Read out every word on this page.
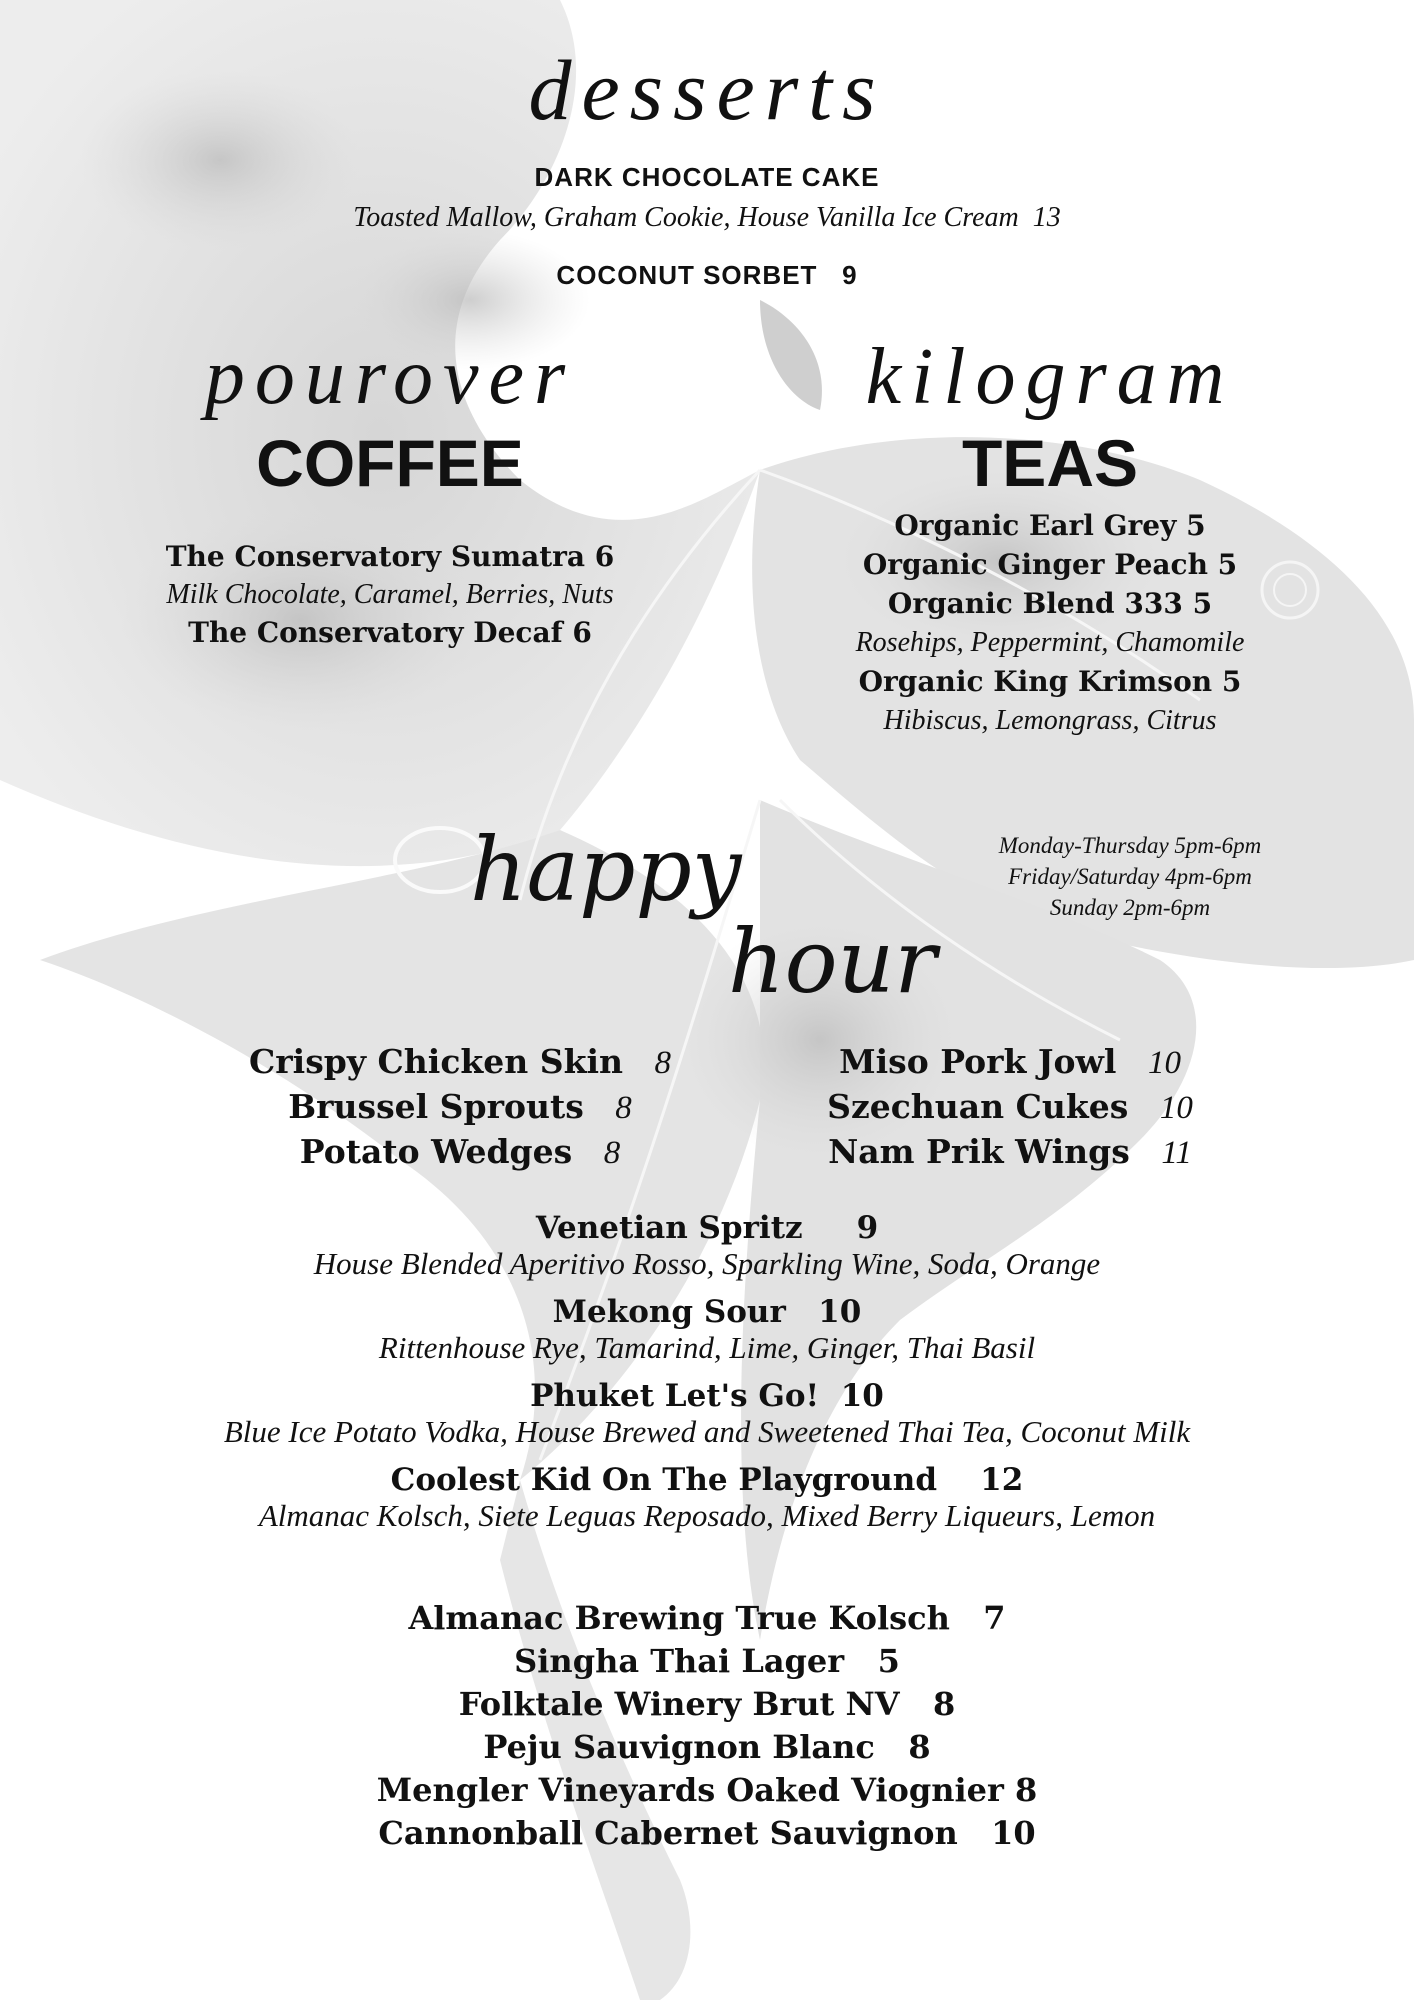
desserts
DARK CHOCOLATE CAKE
Toasted Mallow, Graham Cookie, House Vanilla Ice Cream  13
COCONUT SORBET   9
pourover
COFFEE
The Conservatory Sumatra 6
Milk Chocolate, Caramel, Berries, Nuts
The Conservatory Decaf 6
kilogram
TEAS
Organic Earl Grey 5
Organic Ginger Peach 5
Organic Blend 333 5
Rosehips, Peppermint, Chamomile
Organic King Krimson 5
Hibiscus, Lemongrass, Citrus
happy
hour
Monday-Thursday 5pm-6pm
Friday/Saturday 4pm-6pm
Sunday 2pm-6pm
Crispy Chicken Skin 8
Brussel Sprouts 8
Potato Wedges 8
Miso Pork Jowl 10
Szechuan Cukes 10
Nam Prik Wings 11
Venetian Spritz     9
House Blended Aperitivo Rosso, Sparkling Wine, Soda, Orange
Mekong Sour   10
Rittenhouse Rye, Tamarind, Lime, Ginger, Thai Basil
Phuket Let's Go!  10
Blue Ice Potato Vodka, House Brewed and Sweetened Thai Tea, Coconut Milk
Coolest Kid On The Playground    12
Almanac Kolsch, Siete Leguas Reposado, Mixed Berry Liqueurs, Lemon
Almanac Brewing True Kolsch   7
Singha Thai Lager   5
Folktale Winery Brut NV   8
Peju Sauvignon Blanc   8
Mengler Vineyards Oaked Viognier 8
Cannonball Cabernet Sauvignon   10
